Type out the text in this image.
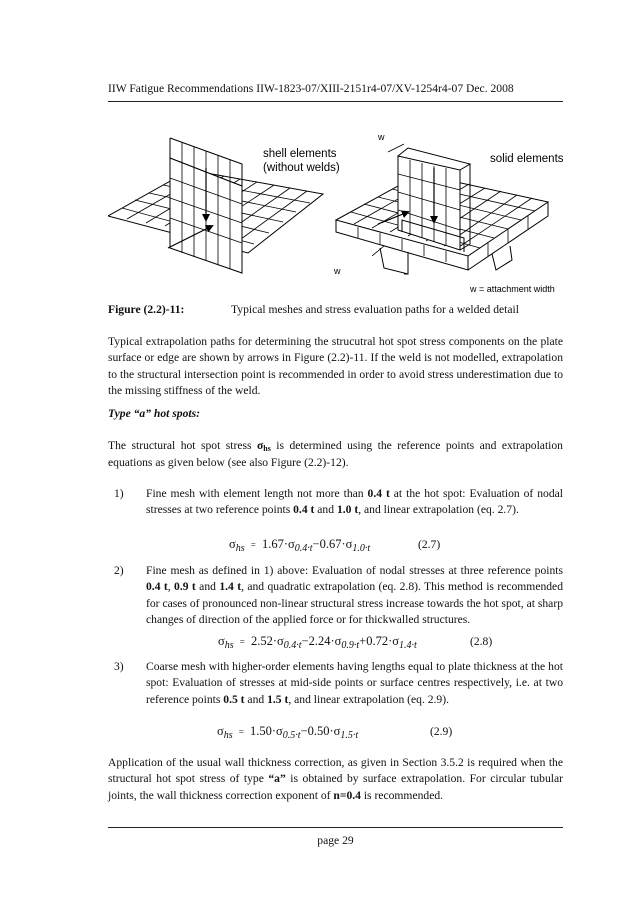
IIW Fatigue Recommendations IIW-1823-07/XIII-2151r4-07/XV-1254r4-07 Dec. 2008
shell elements
(without welds)
solid elements
w
w
w = attachment width
Figure (2.2)-11:	Typical meshes and stress evaluation paths for a welded detail
Typical extrapolation paths for determining the strucutral hot spot stress components on the plate surface or edge are shown by arrows in Figure (2.2)-11. If the weld is not modelled, extrapolation to the structural intersection point is recommended in order to avoid stress underestimation due to the missing stiffness of the weld.
Type “a” hot spots:
The structural hot spot stress σhs is determined using the reference points and extrapolation equations as given below (see also Figure (2.2)-12).
1) Fine mesh with element length not more than 0.4 t at the hot spot: Evaluation of nodal stresses at two reference points 0.4 t and 1.0 t, and linear extrapolation (eq. 2.7).
$\sigma_{hs} = 1.67\cdot\sigma_{0.4\cdot t}-0.67\cdot\sigma_{1.0\cdot t}$	(2.7)
2) Fine mesh as defined in 1) above: Evaluation of nodal stresses at three reference points 0.4 t, 0.9 t and 1.4 t, and quadratic extrapolation (eq. 2.8). This method is recommended for cases of pronounced non-linear structural stress increase towards the hot spot, at sharp changes of direction of the applied force or for thickwalled structures.
$\sigma_{hs} = 2.52\cdot\sigma_{0.4\cdot t}-2.24\cdot\sigma_{0.9\cdot t}+0.72\cdot\sigma_{1.4\cdot t}$	(2.8)
3) Coarse mesh with higher-order elements having lengths equal to plate thickness at the hot spot: Evaluation of stresses at mid-side points or surface centres respectively, i.e. at two reference points 0.5 t and 1.5 t, and linear extrapolation (eq. 2.9).
$\sigma_{hs} = 1.50\cdot\sigma_{0.5\cdot t}-0.50\cdot\sigma_{1.5\cdot t}$	(2.9)
Application of the usual wall thickness correction, as given in Section 3.5.2 is required when the structural hot spot stress of type “a” is obtained by surface extrapolation. For circular tubular joints, the wall thickness correction exponent of n=0.4 is recommended.
page 29
